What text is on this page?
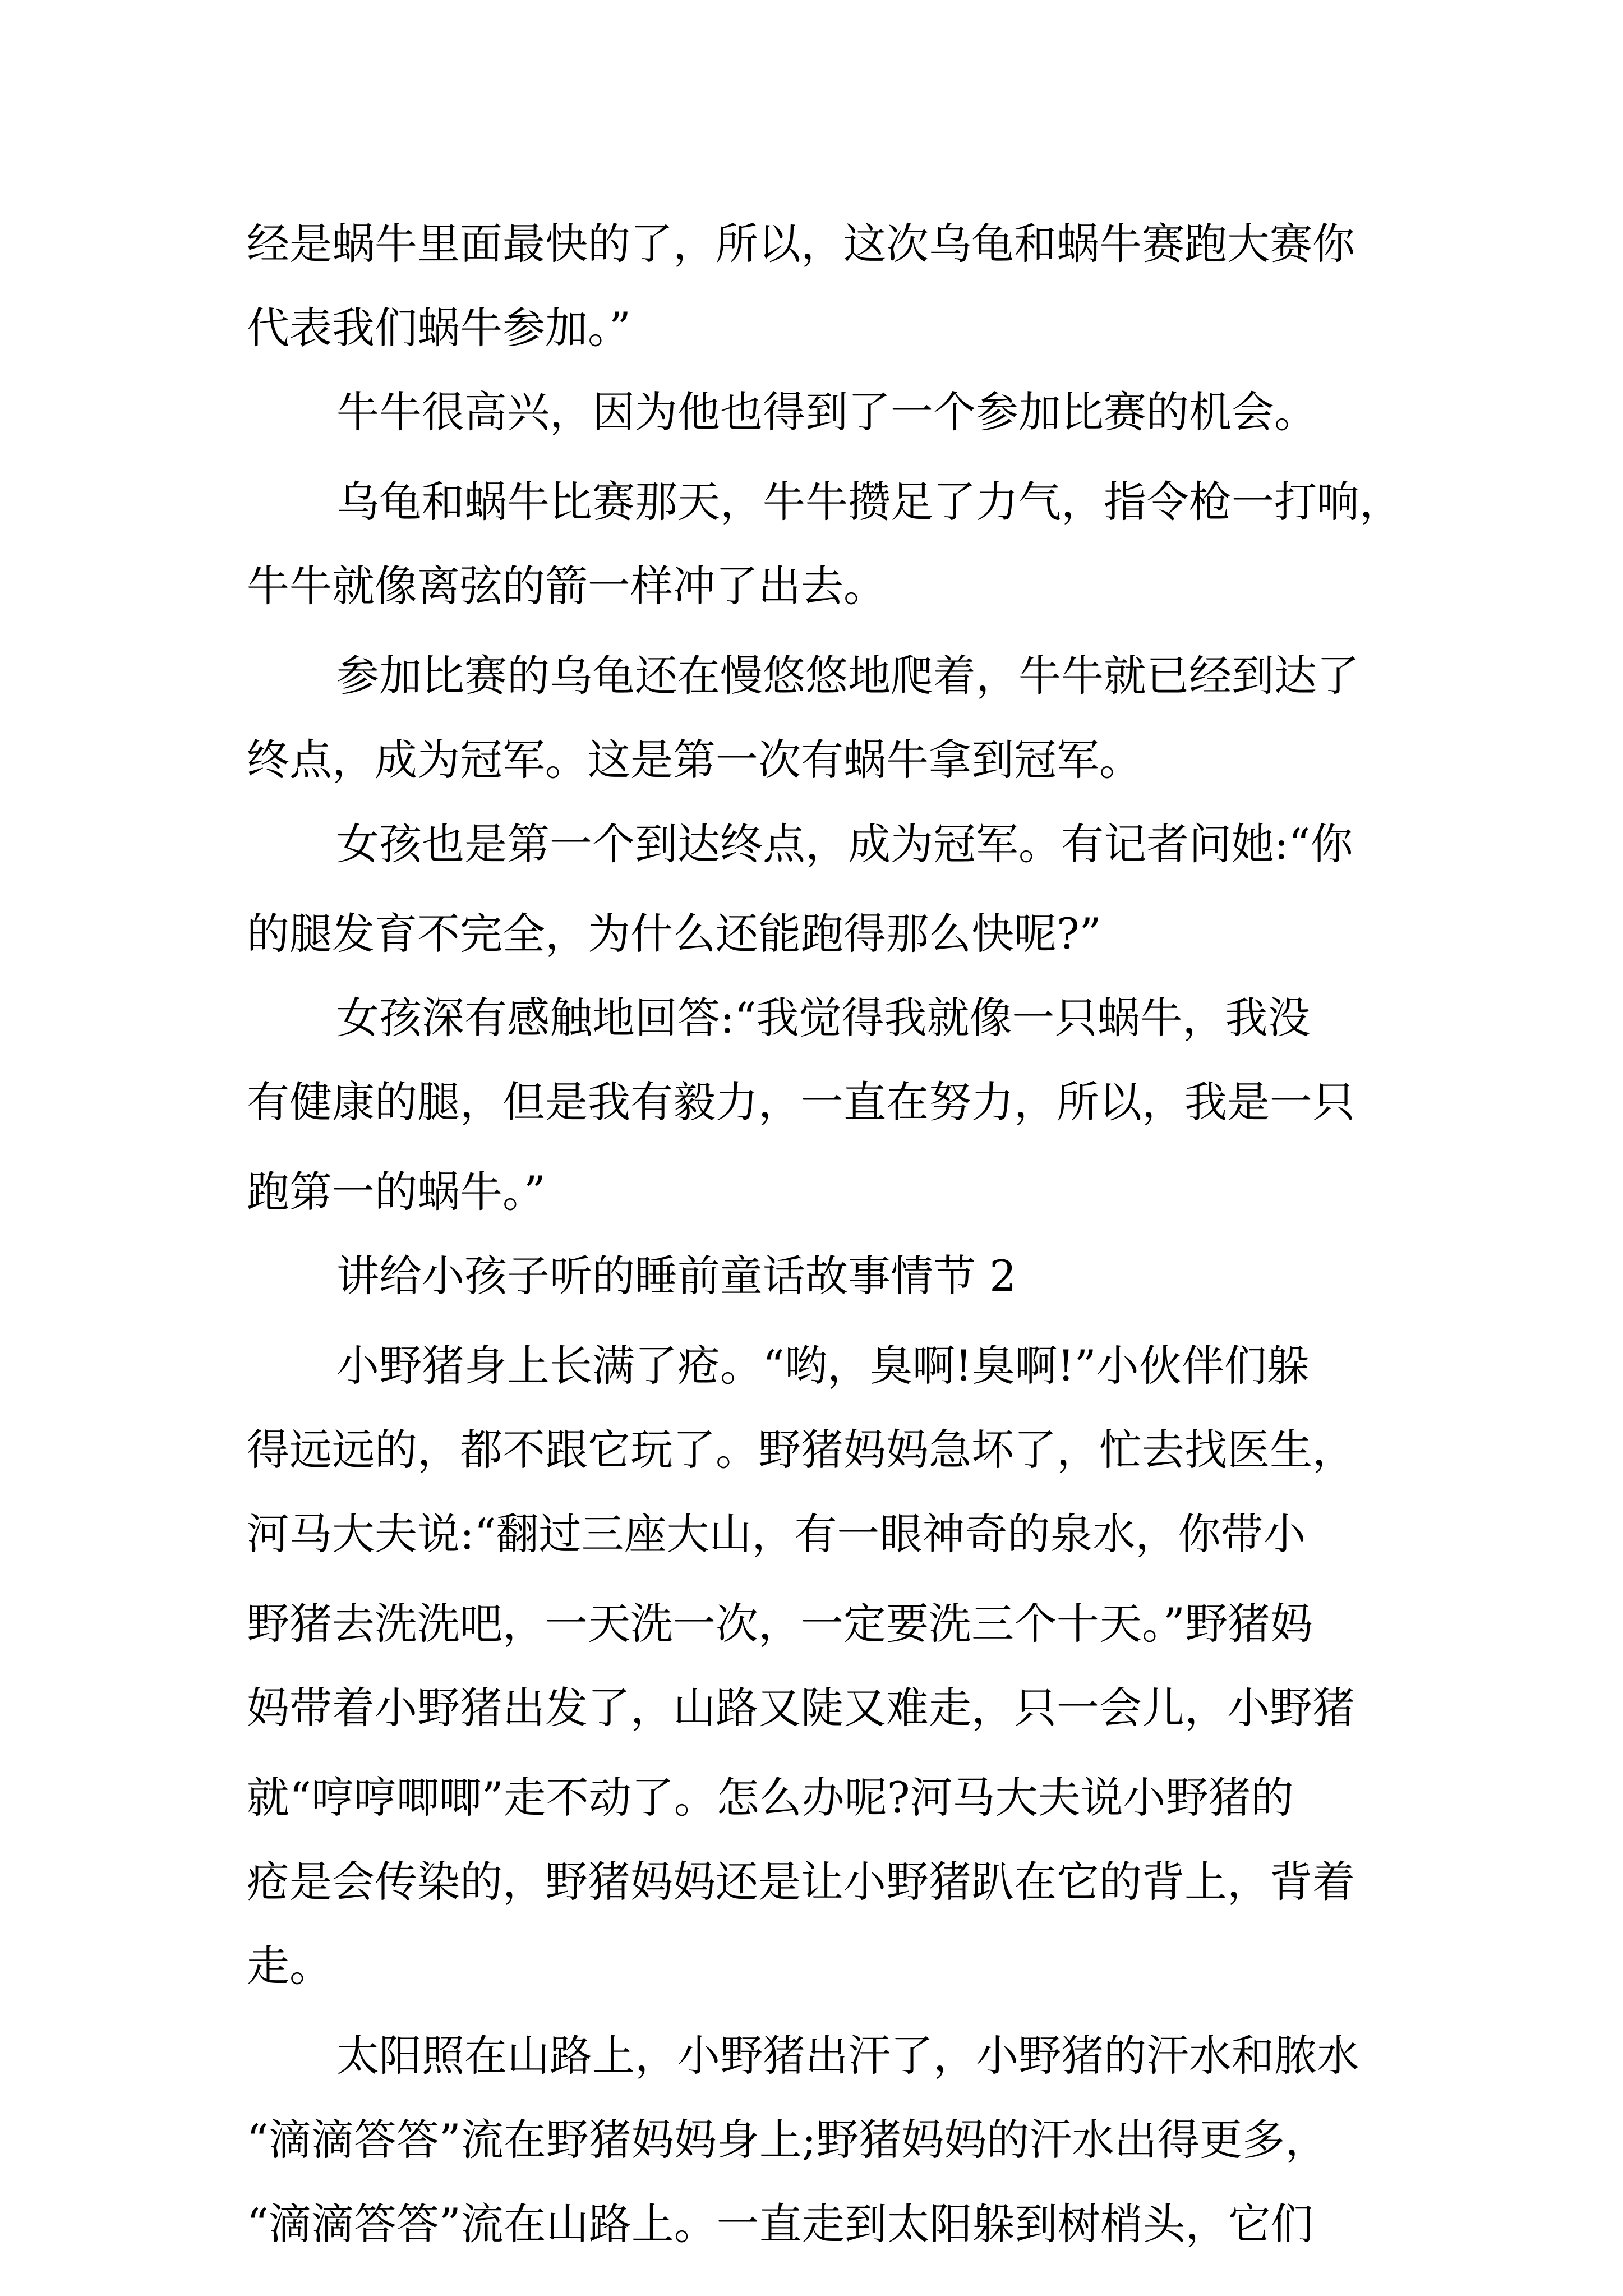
经是蜗牛里面最快的了，所以，这次乌龟和蜗牛赛跑大赛你

代表我们蜗牛参加。”

牛牛很高兴，因为他也得到了一个参加比赛的机会。

乌龟和蜗牛比赛那天，牛牛攒足了力气，指令枪一打响，

牛牛就像离弦的箭一样冲了出去。

参加比赛的乌龟还在慢悠悠地爬着，牛牛就已经到达了

终点，成为冠军。这是第一次有蜗牛拿到冠军。

女孩也是第一个到达终点，成为冠军。有记者问她:“你

的腿发育不完全，为什么还能跑得那么快呢?”

女孩深有感触地回答:“我觉得我就像一只蜗牛，我没

有健康的腿，但是我有毅力，一直在努力，所以，我是一只

跑第一的蜗牛。”

讲给小孩子听的睡前童话故事情节 2

小野猪身上长满了疮。“哟，臭啊!臭啊!”小伙伴们躲

得远远的，都不跟它玩了。野猪妈妈急坏了，忙去找医生，

河马大夫说:“翻过三座大山，有一眼神奇的泉水，你带小

野猪去洗洗吧，一天洗一次，一定要洗三个十天。”野猪妈

妈带着小野猪出发了，山路又陡又难走，只一会儿，小野猪

就“哼哼唧唧”走不动了。怎么办呢?河马大夫说小野猪的

疮是会传染的，野猪妈妈还是让小野猪趴在它的背上，背着

走。

太阳照在山路上，小野猪出汗了，小野猪的汗水和脓水

“滴滴答答”流在野猪妈妈身上;野猪妈妈的汗水出得更多，

“滴滴答答”流在山路上。一直走到太阳躲到树梢头，它们
